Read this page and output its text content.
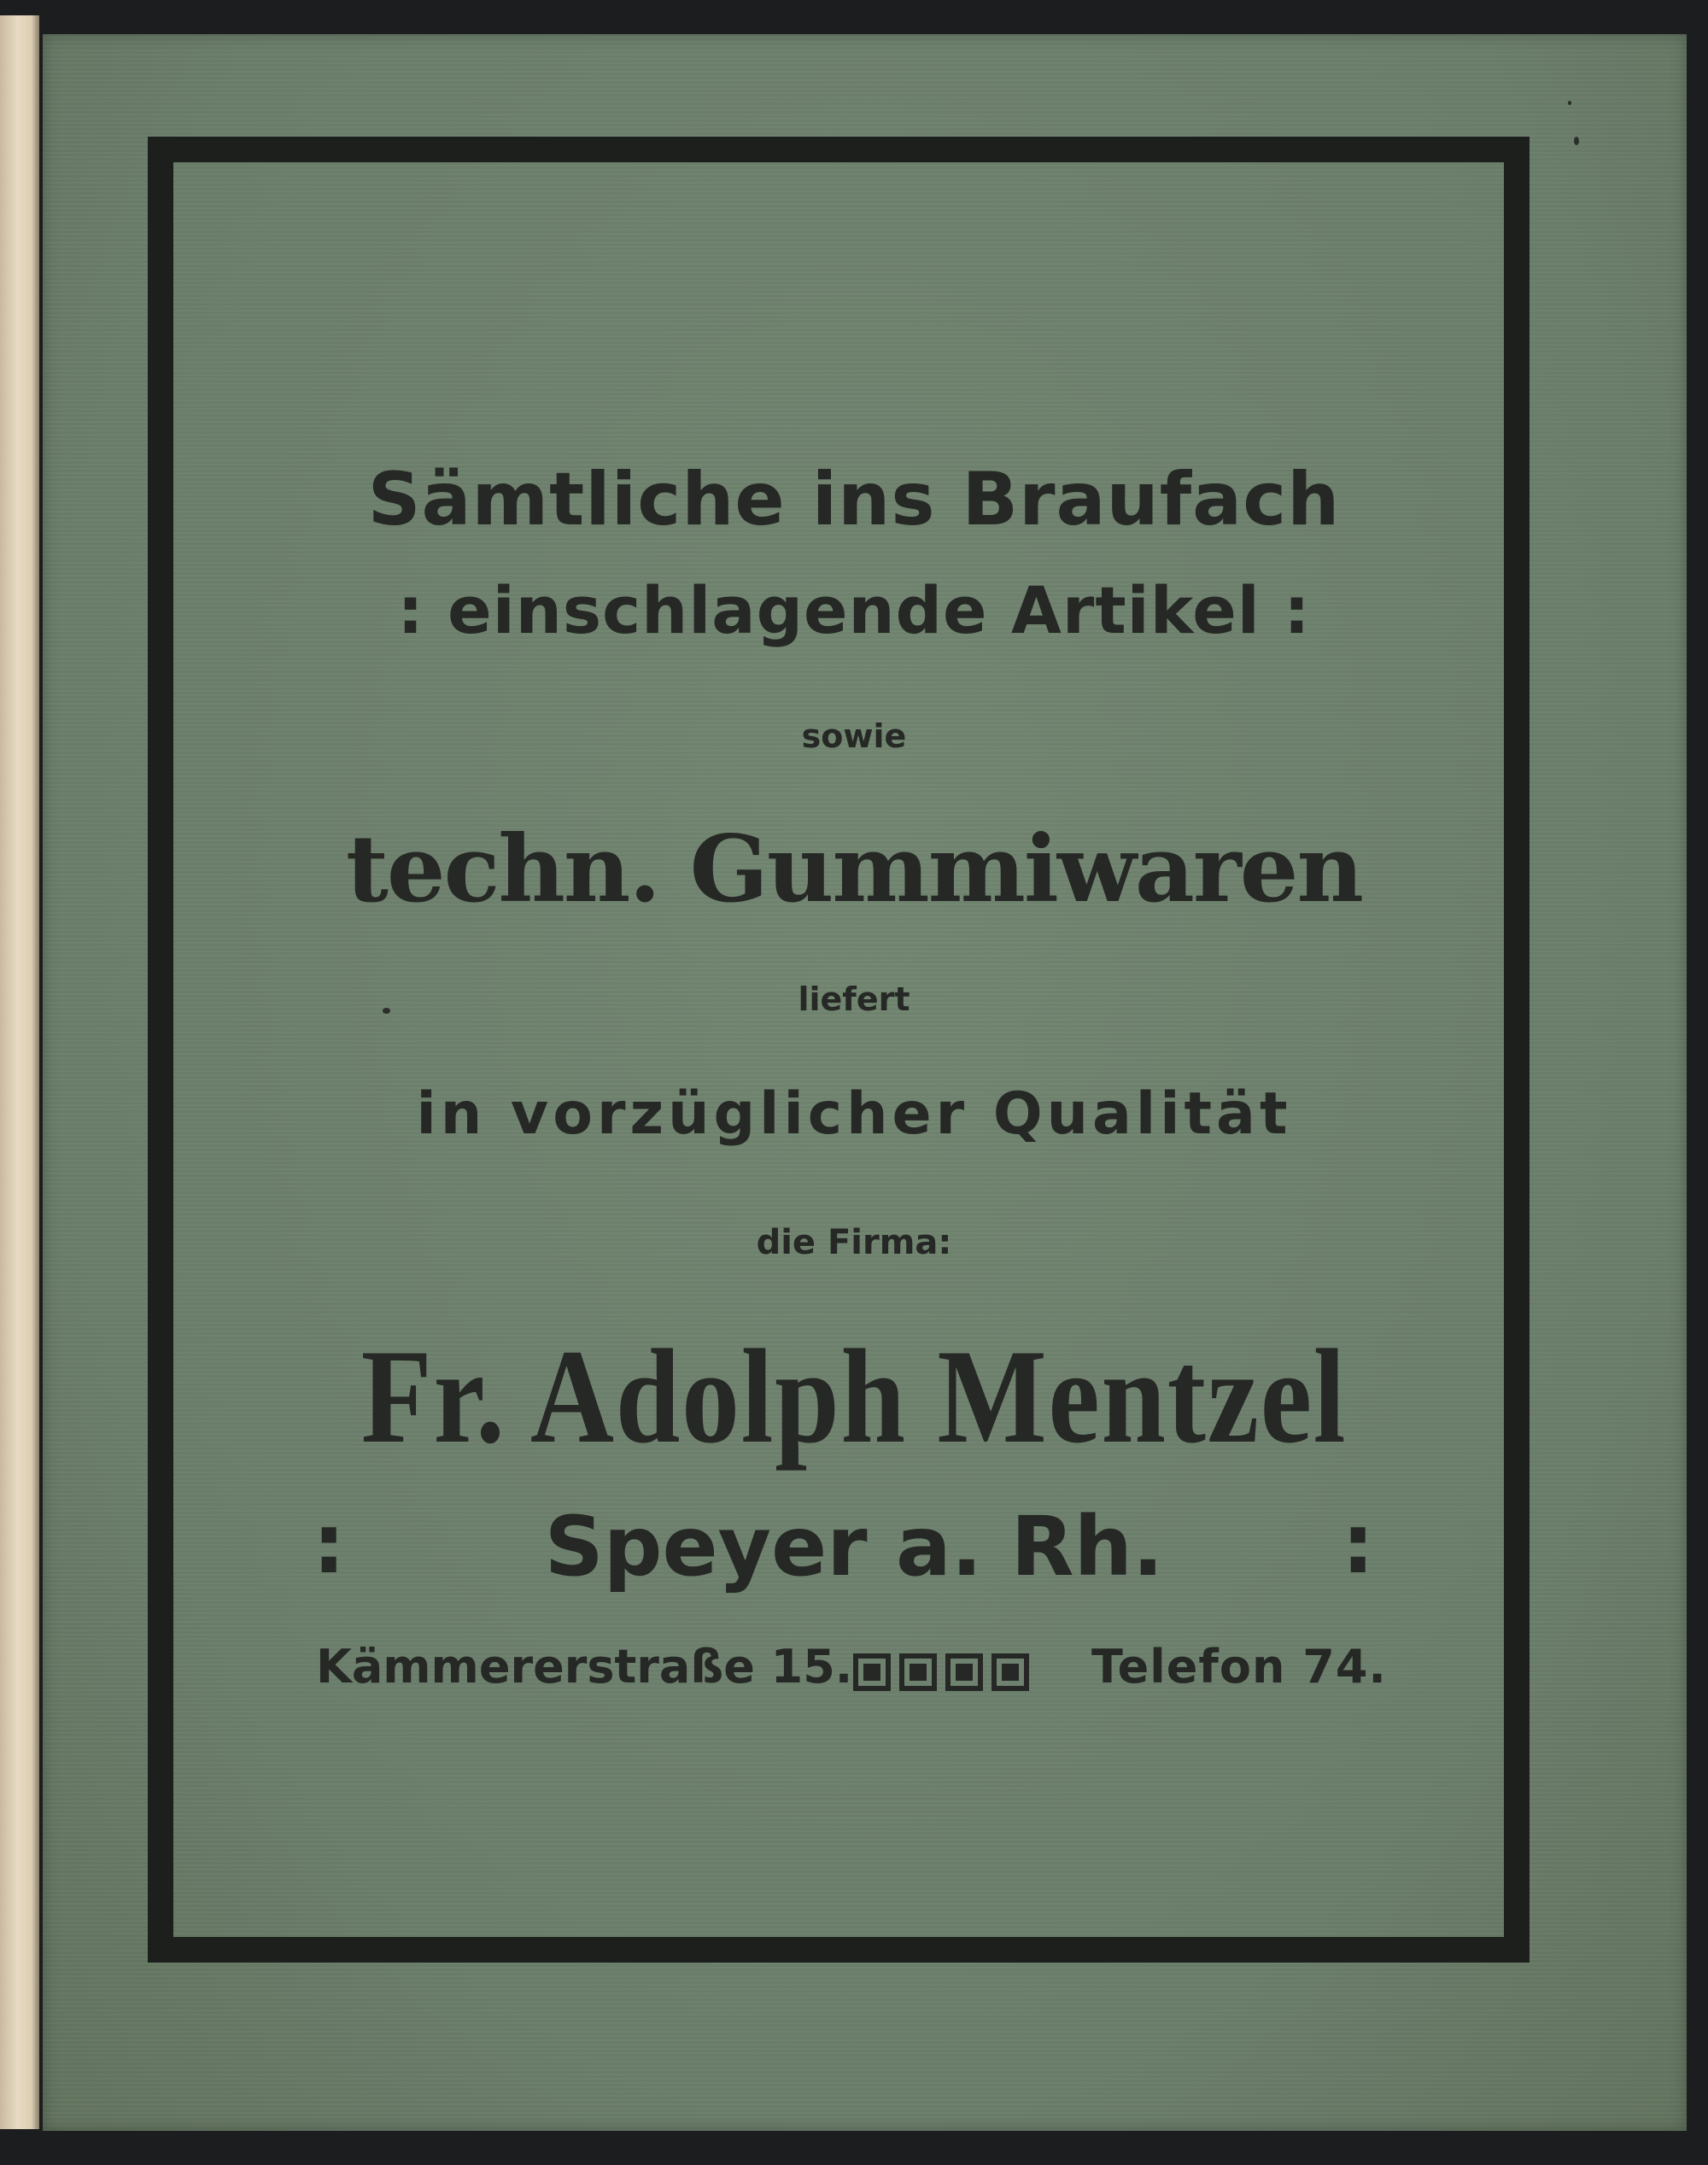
Sämtliche ins Braufach
: einschlagende Artikel :
sowie
techn. Gummiwaren
liefert
in vorzüglicher Qualität
die Firma:
Fr. Adolph Mentzel
Speyer a. Rh.
:	:
Kämmererstraße 15.	Telefon 74.
